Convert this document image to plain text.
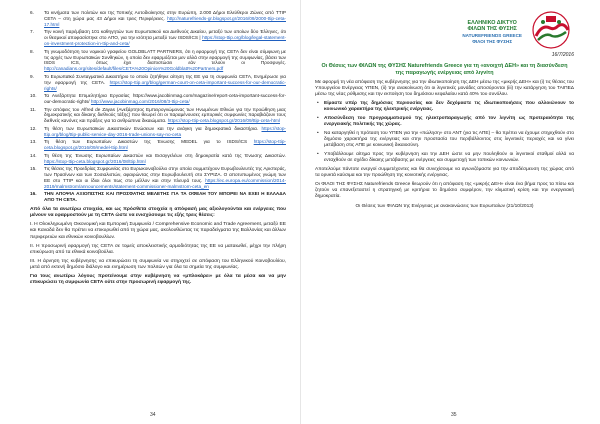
6. Τα κινήματα των πολιτών και της Τοπικής Αυτοδιοίκησης στην Ευρώπη, 2.000 Δήμοι Ελεύθεροι Ζώνες από TTIP CETA – στη χώρα μας 43 Δήμοι και τρεις Περιφέρειες. http://naturefriends-gr.blogspot.gr/2016/09/2000-ttip-ceta-17.html
7. Την κοινή παρέμβαση 101 καθηγητών των Ευρωπαϊκού και Διεθνούς Δικαίου, μεταξύ των οποίων δύο Έλληνες, ότι οι θεσμικοί αποφασίστηκε στο ΑΠΟ, για την ισότητα μεταξύ των ISDS/ICS | https://stop-ttip.org/blog/legal-statement-on-investment-protection-in-ttip-and-ceta/
8. Τη γνωμοδότηση του νομικού γραφείου GOLDBLATT PARTNERS, ότι η εφαρμογή της CETA δεν είναι σύμφωνη με τις αρχές των Ευρωπαϊκών Συνθηκών, η οποία δεν εφαρμόζεται μεν αλλά στην εφαρμογή της συμφωνίας, βάσει των ISDS ICS, όπως έχει διαπιστώσει εάν τελούν οι Προσφυγές. http://canadians.org/sites/default/files/CETA%20Opinion%20Goldblatt%20Partners.pdf
9. Το Ευρωπαϊκό Συνταγματικό Δικαστήριο το οποίο ζητήθηκε αίτηση της ΕΕ για τη συμφωνία CETA, Ενημέρωσε για την εφαρμογή της CETA. https://stop-ttip.org/blog/german-court-on-ceta-important-success-for-our-democratic-rights/
10. Τα Ανεξάρτητα Επιμελητήρια Εργασίας https://www.jacobinmag.com/magazine/report-ceta-important-success-for-our-democratic-rights/ http://www.jacobinmag.com/2016/08/3-ttip-ceta/
11. Την απόψεις του Alfred de Zayas (Ανεξάρτητος Εμπειρογνώμονας των Ηνωμένων Εθνών για την προώθηση μιας δημοκρατικής και δίκαιης διεθνούς τάξης) που θεωρεί ότι οι παραμένουσες εμπορικές συμφωνίες παραβιάζουν τους διεθνείς κανόνες και πράξεις για τα ανθρώπινα δικαιώματα. https://stop-ttip-ceta.blogspot.gr/2016/09/ttip-ceta-html
12. Τη θέση των Ευρωπαϊκών Δικαστικών Ενώσεων και την ανάγκη για δημοκρατικά δικαστήρια. https://stop-ttip.org/blog/ttip-public-service-day-2016-trade-unions-say-no-ceta
13. Τη θέση των Ευρωπαίων Δικαστών της Ένωσης MEDEL για το ISDS/ICS https://stop-ttip-ceta.blogspot.gr/2016/09/medel-ttip.html
14. Τη θέση της Ένωσης Ευρωπαίων Δικαστών και Εισαγγελέων στη δημοκρατία κατά της Ένωσης Δικαστών. https://stop-ttip-ceta.blogspot.gr/2016/08/ttip.html
15. Τις θέσεις της Προεδρίας Συμφωνίας στο Ευρωκοινοβούλιο στην οποία συμμετέχουν Ευρωβουλευτές της Αριστεράς, των Πρασίνων και των Σοσιαλιστών, αφαιρώντας στην Ευρωβουλευτή στο ΣΥΡΙΖΑ. Ο αποτυπωμένος γνώμη των ΕΕ στο TTIP και οι ίδιοι όλοι πως στο μέλλον και στην πλευρά τους. https://ec.europa.eu/commission/2014-2019/malmstrom/announcements/statement-commissioner-malmstrom-ceta_en
16. ΤΗΝ ΑΠΟΨΙΑ ΑΞΙΟΠΙΣΤΗΣ ΚΑΙ ΠΡΟΣΦΑΤΗΣ ΜΕΛΕΤΗΣ ΓΙΑ ΤΑ ΟΦΕΛΗ ΤΟΥ ΜΠΟΡΕΙ ΝΑ ΕΧΕΙ Η ΕΛΛΑΔΑ ΑΠΟ ΤΗ CETA.

Από όλα τα ανωτέρω στοιχεία, και ως πρόσθετα στοιχεία η απόφασή μας αξιολογούνται και ενέργειες που μένουν να εφαρμοστούν με τη CETA ώστε να ενισχύσουμε τις εξής τρεις θέσεις:

I. Η Ολοκληρωμένη Οικονομική και Εμπορική Συμφωνία / Comprehensive Economic and Trade Agreement, μεταξύ ΕΕ και Καναδά δεν θα πρέπει να επικυρωθεί από τη χώρα μας, ακολουθώντας τις παραδείγματα της Βαλλονίας και άλλων περιφερειών και εθνικών κοινοβουλίων.

II. Η προσωρινή εφαρμογή της CETA σε τομείς αποκλειστικής αρμοδιότητας της ΕΕ να ματαιωθεί, μέχρι την πλήρη επικύρωση από τα εθνικά κοινοβούλια.

III. Η άρνηση της κυβέρνησης να επικυρώσει τη συμφωνία να στηριχτεί σε απόφαση του Ελληνικού Κοινοβουλίου, μετά από εκτενή δημόσιο διάλογο και ενημέρωση των πολιτών για όλα τα σημεία της συμφωνίας.

Για τους ανωτέρω λόγους προτείνουμε στην κυβέρνηση να «μπλοκάρει» με όλα τα μέσα και να μην επικυρώσει τη συμφωνία CETA ούτε στην προσωρινή εφαρμογή της.

34
ΕΛΛΗΝΙΚΟ ΔΙΚΤΥΟ
ΦΙΛΩΝ ΤΗΣ ΦΥΣΗΣ
NATUREFRIENDS GREECE
ΦΙΛΟΙ ΤΗΣ ΦΥΣΗΣ
16/7/2016
Οι Θέσεις των ΦΙΛΩΝ της ΦΥΣΗΣ Naturefriends Greece για τη «ανοιχτή ΔΕΗ» και τη διασύνδεση της παραγωγής ενέργειας από λιγνίτη

Με αφορμή τη νέα απόφαση της κυβέρνησης για την ιδιωτικοποίηση της ΔΕΗ μέσω της «μικρής ΔΕΗ» και (i) τις θέσεις του Υπουργείου Ενέργειας ΥΠΕΝ, (ii) την ανακοίνωση ότι οι λιγνιτικές μονάδες αποσύρονται (iii) την κατάργηση του ΤΑΙΠΕΔ μέσω της νέας ρύθμισης και την εκποίηση του δημόσιου κεφαλαίου κατά 40% του συνόλου.

• Είμαστε υπέρ της δημόσιας περιουσίας και δεν δεχόμαστε τις ιδιωτικοποιήσεις που αλλοιώνουν το κοινωνικό χαρακτήρα της ηλεκτρικής ενέργειας.

• Αποσύνδεση του προγραμματισμού της ηλεκτροπαραγωγής από τον λιγνίτη ως προτεραιότητα της ενεργειακής πολιτικής της χώρας.

• Να καταργηθεί η πρόταση του ΥΠΕΝ για την «πώληση» στο ΑΝΤ (για τις ΑΠΕ) – θα πρέπει να έχουμε στηριχθούν στο δημόσιο χαρακτήρα της ενέργειας και στην προστασία του περιβάλλοντος στις λιγνιτικές περιοχές και να γίνει μετάβαση στις ΑΠΕ με κοινωνική δικαιοσύνη.

• Υποβάλλουμε αίτημα προς την κυβέρνηση και την ΔΕΗ ώστε να μην πουληθούν οι λιγνιτικοί σταθμοί αλλά να ενταχθούν σε σχέδιο δίκαιης μετάβασης με ενέργειες και συμμετοχή των τοπικών κοινωνιών.

Αποτελούμε πάντοτε ενεργοί συμμετέχοντες και θα συνεχίσουμε να αγωνιζόμαστε για την αποδέσμευση της χώρας από τα ορυκτά καύσιμα και την προώθηση της κοινοτικής ενέργειας.

Οι ΦΙΛΟΙ ΤΗΣ ΦΥΣΗΣ Naturefriends Greece θεωρούν ότι η απόφαση της «μικρής ΔΕΗ» είναι ένα βήμα προς τα πίσω και ζητούν να επανεξεταστεί η στρατηγική με κριτήρια το δημόσιο συμφέρον, την κλιματική κρίση και την ενεργειακή δημοκρατία.

Οι Θέσεις των ΦΙΛΩΝ της Ενέργειας με ανακοινώσεις των Ευρωπαίων (21/10/2013)
35
